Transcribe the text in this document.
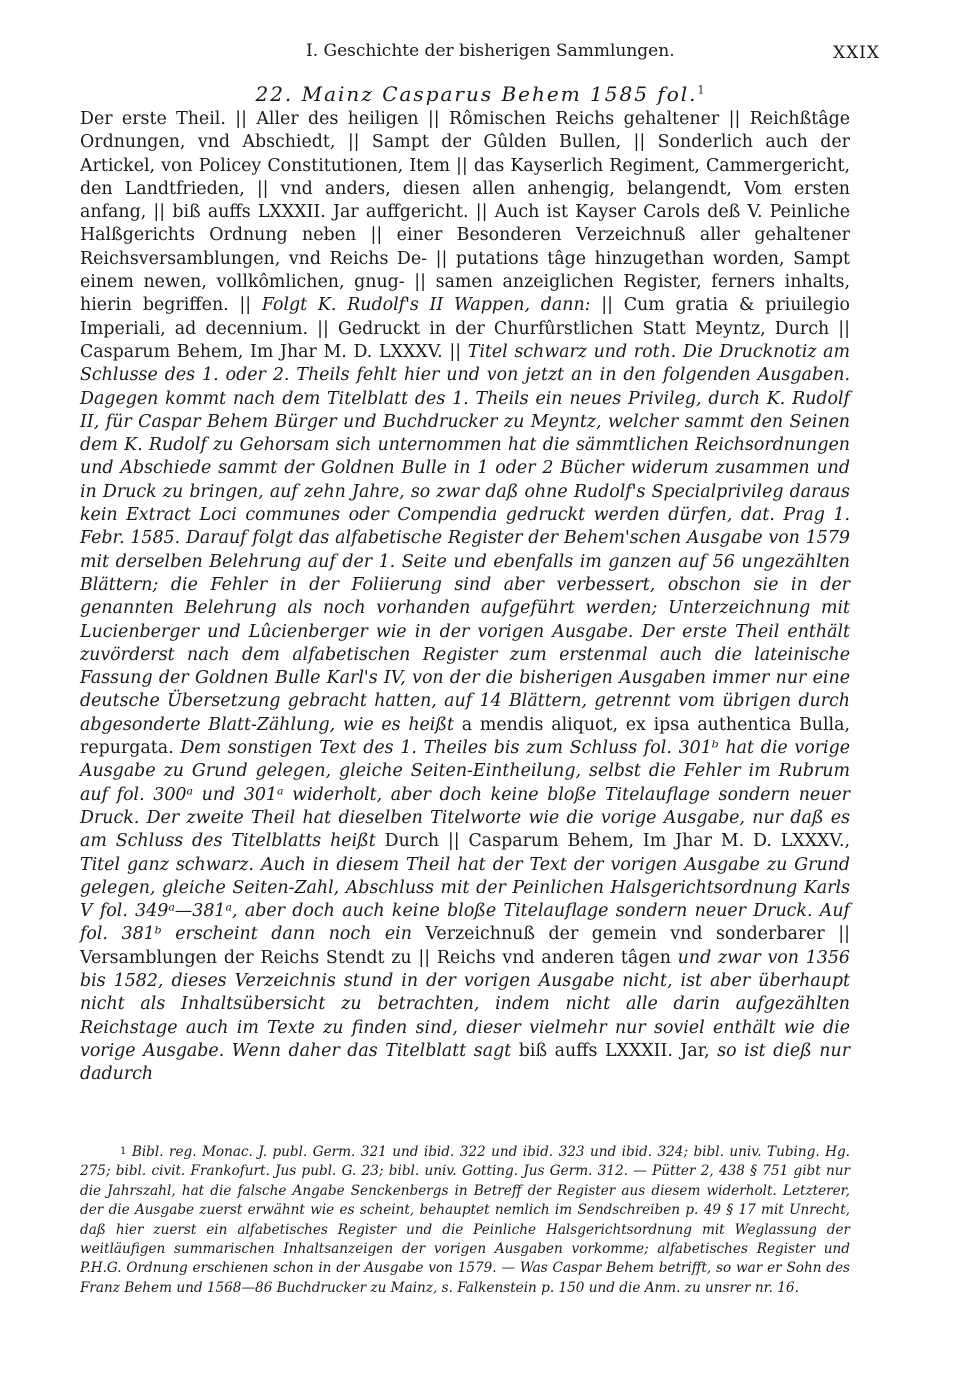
I. Geschichte der bisherigen Sammlungen.	XXIX
22. Mainz Casparus Behem 1585 fol.$^1$

Der erste Theil. || Aller des heiligen || Rômischen Reichs gehaltener || Reichßtâge Ordnungen, vnd Abschiedt, || Sampt der Gûlden Bullen, || Sonderlich auch der Artickel, von Policey Constitutionen, Item || das Kayserlich Regiment, Cammergericht, den Landtfrieden, || vnd anders, diesen allen anhengig, belangendt, Vom ersten anfang, || biß auffs LXXXII. Jar auffgericht. || Auch ist Kayser Carols deß V. Peinliche Halßgerichts Ordnung neben || einer Besonderen Verzeichnuß aller gehaltener Reichsversamblungen, vnd Reichs De- || putations tâge hinzugethan worden, Sampt einem newen, vollkômlichen, gnug- || samen anzeiglichen Register, ferners inhalts, hierin begriffen. || Folgt K. Rudolf's II Wappen, dann: || Cum gratia & priuilegio Imperiali, ad decennium. || Gedruckt in der Churfûrstlichen Statt Meyntz, Durch || Casparum Behem, Im Jhar M. D. LXXXV. || Titel schwarz und roth. Die Drucknotiz am Schlusse des 1. oder 2. Theils fehlt hier und von jetzt an in den folgenden Ausgaben. Dagegen kommt nach dem Titelblatt des 1. Theils ein neues Privileg, durch K. Rudolf II, für Caspar Behem Bürger und Buchdrucker zu Meyntz, welcher sammt den Seinen dem K. Rudolf zu Gehorsam sich unternommen hat die sämmtlichen Reichsordnungen und Abschiede sammt der Goldnen Bulle in 1 oder 2 Bücher widerum zusammen und in Druck zu bringen, auf zehn Jahre, so zwar daß ohne Rudolf's Specialprivileg daraus kein Extract Loci communes oder Compendia gedruckt werden dürfen, dat. Prag 1. Febr. 1585. Darauf folgt das alfabetische Register der Behem'schen Ausgabe von 1579 mit derselben Belehrung auf der 1. Seite und ebenfalls im ganzen auf 56 ungezählten Blättern; die Fehler in der Foliierung sind aber verbessert, obschon sie in der genannten Belehrung als noch vorhanden aufgeführt werden; Unterzeichnung mit Lucienberger und Lûcienberger wie in der vorigen Ausgabe. Der erste Theil enthält zuvörderst nach dem alfabetischen Register zum erstenmal auch die lateinische Fassung der Goldnen Bulle Karl's IV, von der die bisherigen Ausgaben immer nur eine deutsche Übersetzung gebracht hatten, auf 14 Blättern, getrennt vom übrigen durch abgesonderte Blatt-Zählung, wie es heißt a mendis aliquot, ex ipsa authentica Bulla, repurgata. Dem sonstigen Text des 1. Theiles bis zum Schluss fol. 301ᵇ hat die vorige Ausgabe zu Grund gelegen, gleiche Seiten-Eintheilung, selbst die Fehler im Rubrum auf fol. 300ᵃ und 301ᵃ widerholt, aber doch keine bloße Titelauflage sondern neuer Druck. Der zweite Theil hat dieselben Titelworte wie die vorige Ausgabe, nur daß es am Schluss des Titelblatts heißt Durch || Casparum Behem, Im Jhar M. D. LXXXV., Titel ganz schwarz. Auch in diesem Theil hat der Text der vorigen Ausgabe zu Grund gelegen, gleiche Seiten-Zahl, Abschluss mit der Peinlichen Halsgerichtsordnung Karls V fol. 349ᵃ—381ᵃ, aber doch auch keine bloße Titelauflage sondern neuer Druck. Auf fol. 381ᵇ erscheint dann noch ein Verzeichnuß der gemein vnd sonderbarer || Versamblungen der Reichs Stendt zu || Reichs vnd anderen tâgen und zwar von 1356 bis 1582, dieses Verzeichnis stund in der vorigen Ausgabe nicht, ist aber überhaupt nicht als Inhaltsübersicht zu betrachten, indem nicht alle darin aufgezählten Reichstage auch im Texte zu finden sind, dieser vielmehr nur soviel enthält wie die vorige Ausgabe. Wenn daher das Titelblatt sagt biß auffs LXXXII. Jar, so ist dieß nur dadurch

1 Bibl. reg. Monac. J. publ. Germ. 321 und ibid. 322 und ibid. 323 und ibid. 324; bibl. univ. Tubing. Hg. 275; bibl. civit. Frankofurt. Jus publ. G. 23; bibl. univ. Gotting. Jus Germ. 312. — Pütter 2, 438 § 751 gibt nur die Jahrszahl, hat die falsche Angabe Senckenbergs in Betreff der Register aus diesem widerholt. Letzterer, der die Ausgabe zuerst erwähnt wie es scheint, behauptet nemlich im Sendschreiben p. 49 § 17 mit Unrecht, daß hier zuerst ein alfabetisches Register und die Peinliche Halsgerichtsordnung mit Weglassung der weitläufigen summarischen Inhaltsanzeigen der vorigen Ausgaben vorkomme; alfabetisches Register und P.H.G. Ordnung erschienen schon in der Ausgabe von 1579. — Was Caspar Behem betrifft, so war er Sohn des Franz Behem und 1568—86 Buchdrucker zu Mainz, s. Falkenstein p. 150 und die Anm. zu unsrer nr. 16.
